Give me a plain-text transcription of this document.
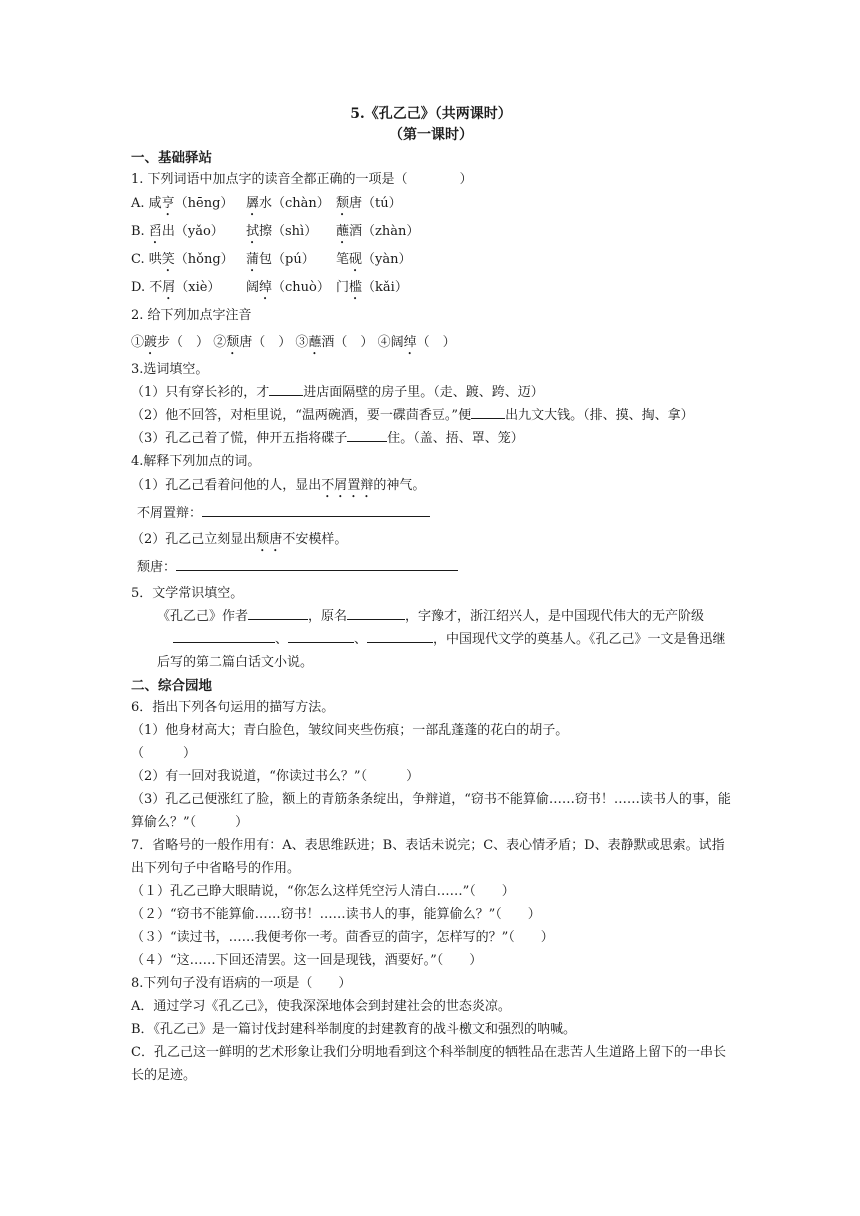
5.《孔乙己》（共两课时）
（第一课时）
一、基础驿站
1. 下列词语中加点字的读音全都正确的一项是（　　　　）
A. 咸亨（hēng） 羼水（chàn） 颓唐（tú）
B. 舀出（yǎo） 拭擦（shì） 蘸酒（zhàn）
C. 哄笑（hǒng） 蒲包（pú） 笔砚（yàn）
D. 不屑（xiè） 阔绰（chuò） 门槛（kǎi）
2. 给下列加点字注音
①踱步（　） ②颓唐（　） ③蘸酒（　） ④阔绰（　）
3.选词填空。
（1）只有穿长衫的，才	进店面隔壁的房子里。（走、踱、跨、迈）
（2）他不回答，对柜里说，“温两碗酒，要一碟茴香豆。”便	出九文大钱。（排、摸、掏、拿）
（3）孔乙己着了慌，伸开五指将碟子	住。（盖、捂、罩、笼）
4.解释下列加点的词。
（1）孔乙己看着问他的人，显出不屑置辩的神气。
不屑置辩：
（2）孔乙己立刻显出颓唐不安模样。
颓唐：
5．文学常识填空。
《孔乙己》作者	，原名	，字豫才，浙江绍兴人，是中国现代伟大的无产阶级、	、	，中国现代文学的奠基人。《孔乙己》一文是鲁迅继后写的第二篇白话文小说。
二、综合园地
6．指出下列各句运用的描写方法。
（1）他身材高大；青白脸色，皱纹间夹些伤痕；一部乱蓬蓬的花白的胡子。
（　　　）
（2）有一回对我说道，“你读过书么？”（　　　）
（3）孔乙己便涨红了脸，额上的青筋条条绽出，争辩道，“窃书不能算偷……窃书！……读书人的事，能算偷么？”（　　　）
7．省略号的一般作用有：A、表思维跃进；B、表话未说完；C、表心情矛盾；D、表静默或思索。试指出下列句子中省略号的作用。
（１）孔乙己睁大眼睛说，“你怎么这样凭空污人清白……”（　　）
（２）“窃书不能算偷……窃书！……读书人的事，能算偷么？”（　　）
（３）“读过书，……我便考你一考。茴香豆的茴字，怎样写的？”（　　）
（４）“这……下回还清罢。这一回是现钱，酒要好。”（　　）
8.下列句子没有语病的一项是（　　）
A．通过学习《孔乙己》，使我深深地体会到封建社会的世态炎凉。
B．《孔乙己》是一篇讨伐封建科举制度的封建教育的战斗檄文和强烈的呐喊。
C．孔乙己这一鲜明的艺术形象让我们分明地看到这个科举制度的牺牲品在悲苦人生道路上留下的一串长长的足迹。
